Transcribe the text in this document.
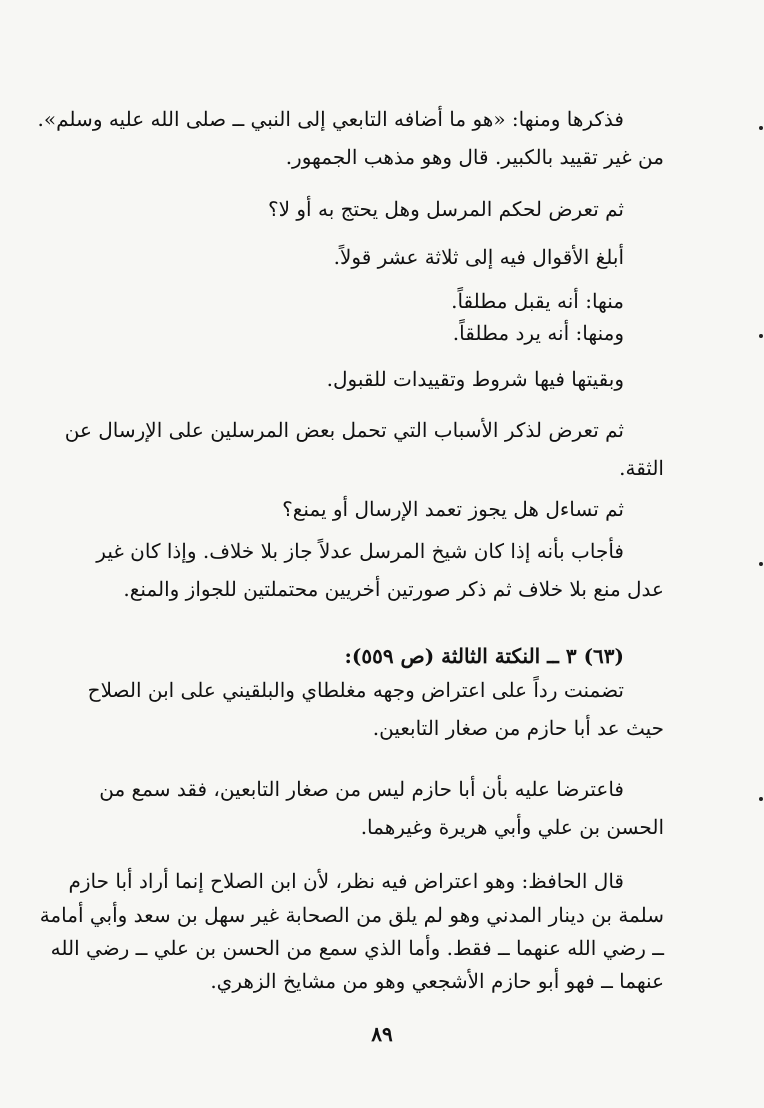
فذكرها ومنها: «هو ما أضافه التابعي إلى النبي ــ صلى الله عليه وسلم».
من غير تقييد بالكبير. قال وهو مذهب الجمهور.
ثم تعرض لحكم المرسل وهل يحتج به أو لا؟
أبلغ الأقوال فيه إلى ثلاثة عشر قولاً.
منها: أنه يقبل مطلقاً.
ومنها: أنه يرد مطلقاً.
وبقيتها فيها شروط وتقييدات للقبول.
ثم تعرض لذكر الأسباب التي تحمل بعض المرسلين على الإرسال عن
الثقة.
ثم تساءل هل يجوز تعمد الإرسال أو يمنع؟
فأجاب بأنه إذا كان شيخ المرسل عدلاً جاز بلا خلاف. وإذا كان غير
عدل منع بلا خلاف ثم ذكر صورتين أخريين محتملتين للجواز والمنع.
(٦٣) ٣ ــ النكتة الثالثة (ص ٥٥٩):
تضمنت رداً على اعتراض وجهه مغلطاي والبلقيني على ابن الصلاح
حيث عد أبا حازم من صغار التابعين.
فاعترضا عليه بأن أبا حازم ليس من صغار التابعين، فقد سمع من
الحسن بن علي وأبي هريرة وغيرهما.
قال الحافظ: وهو اعتراض فيه نظر، لأن ابن الصلاح إنما أراد أبا حازم
سلمة بن دينار المدني وهو لم يلق من الصحابة غير سهل بن سعد وأبي أمامة
ــ رضي الله عنهما ــ فقط. وأما الذي سمع من الحسن بن علي ــ رضي الله
عنهما ــ فهو أبو حازم الأشجعي وهو من مشايخ الزهري.
٨٩
